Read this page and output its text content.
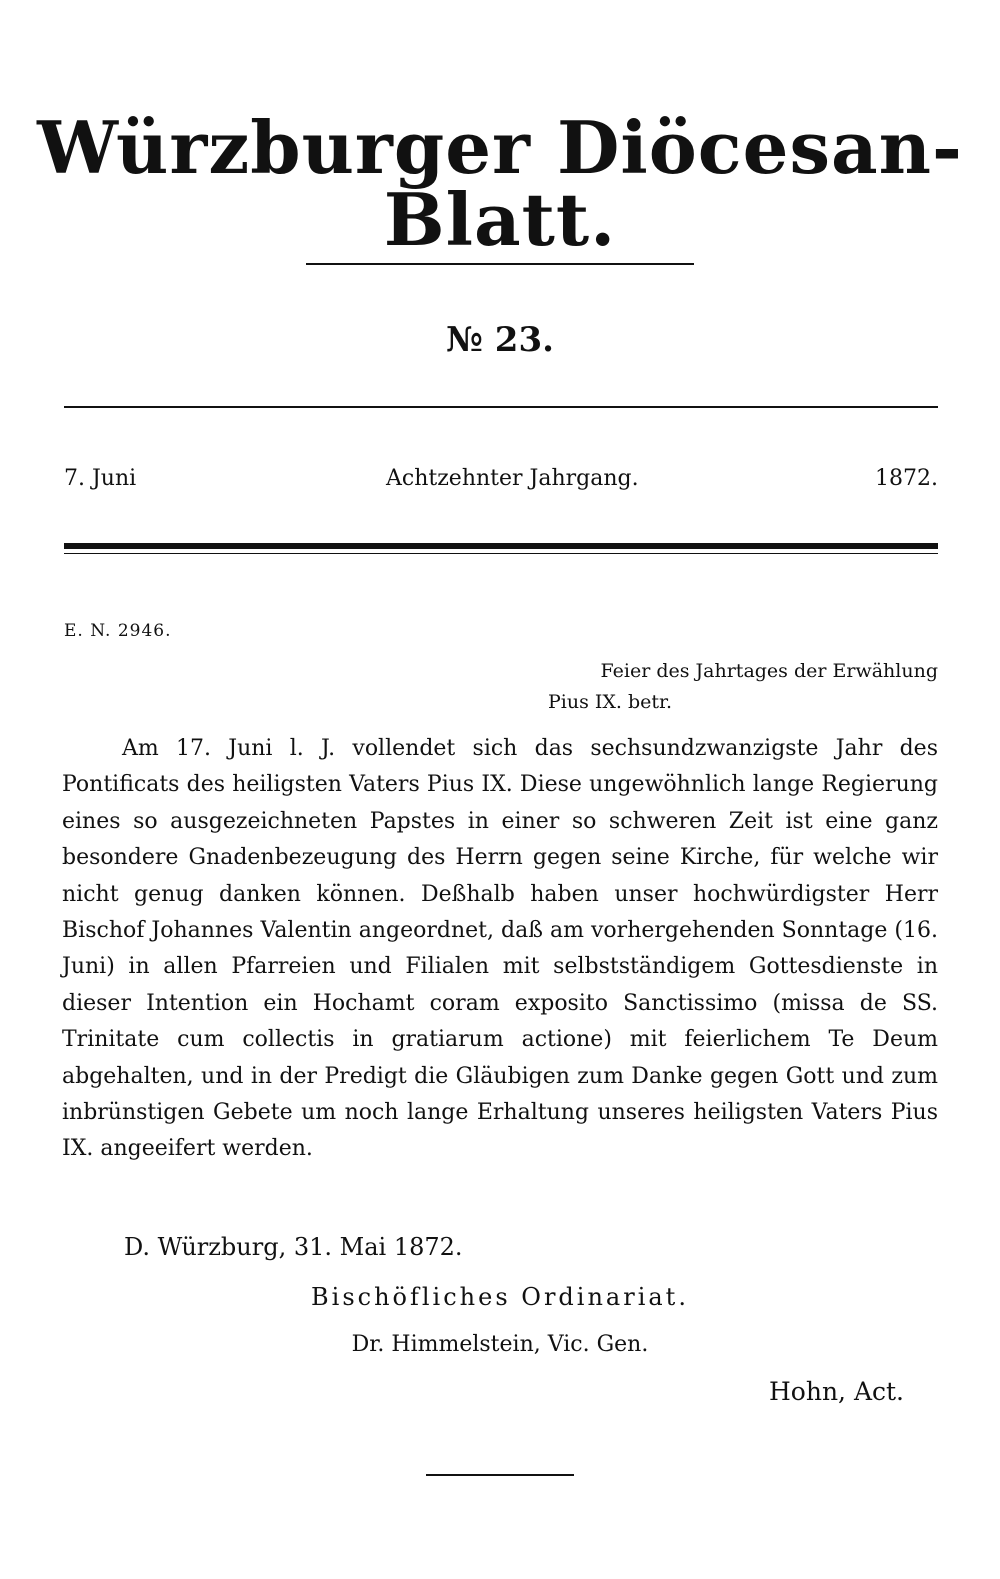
Würzburger Diöcesan-Blatt.
№ 23.
7. Juni	Achtzehnter Jahrgang.	1872.
E. N. 2946.
Feier des Jahrtages der Erwählung
Pius IX. betr.

Am 17. Juni l. J. vollendet sich das sechsundzwanzigste Jahr des Pontificats des heiligsten Vaters Pius IX. Diese ungewöhnlich lange Regierung eines so ausgezeichneten Papstes in einer so schweren Zeit ist eine ganz besondere Gnadenbezeugung des Herrn gegen seine Kirche, für welche wir nicht genug danken können. Deßhalb haben unser hochwürdigster Herr Bischof Johannes Valentin angeordnet, daß am vorhergehenden Sonntage (16. Juni) in allen Pfarreien und Filialen mit selbstständigem Gottesdienste in dieser Intention ein Hochamt coram exposito Sanctissimo (missa de SS. Trinitate cum collectis in gratiarum actione) mit feierlichem Te Deum abgehalten, und in der Predigt die Gläubigen zum Danke gegen Gott und zum inbrünstigen Gebete um noch lange Erhaltung unseres heiligsten Vaters Pius IX. angeeifert werden.

D. Würzburg, 31. Mai 1872.
Bischöfliches Ordinariat.
Dr. Himmelstein, Vic. Gen.
Hohn, Act.
